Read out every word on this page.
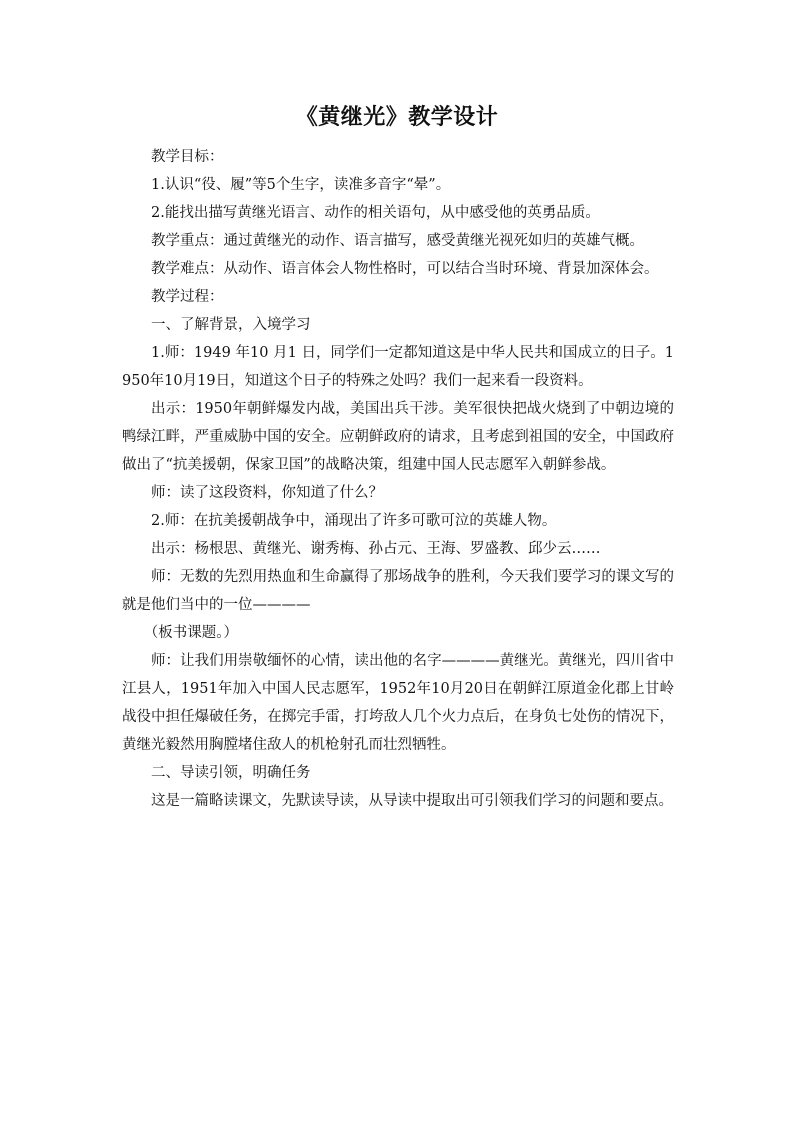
《黄继光》教学设计

教学目标：

1.认识“役、履”等5个生字，读准多音字“晕”。

2.能找出描写黄继光语言、动作的相关语句，从中感受他的英勇品质。

教学重点：通过黄继光的动作、语言描写，感受黄继光视死如归的英雄气概。

教学难点：从动作、语言体会人物性格时，可以结合当时环境、背景加深体会。

教学过程：

一、了解背景，入境学习

1.师：1949 年10 月1 日，同学们一定都知道这是中华人民共和国成立的日子。1950年10月19日，知道这个日子的特殊之处吗？我们一起来看一段资料。

出示：1950年朝鲜爆发内战，美国出兵干涉。美军很快把战火烧到了中朝边境的鸭绿江畔，严重威胁中国的安全。应朝鲜政府的请求，且考虑到祖国的安全，中国政府做出了“抗美援朝，保家卫国”的战略决策，组建中国人民志愿军入朝鲜参战。

师：读了这段资料，你知道了什么？

2.师：在抗美援朝战争中，涌现出了许多可歌可泣的英雄人物。

出示：杨根思、黄继光、谢秀梅、孙占元、王海、罗盛教、邱少云……

师：无数的先烈用热血和生命赢得了那场战争的胜利，今天我们要学习的课文写的就是他们当中的一位————

（板书课题。）

师：让我们用崇敬缅怀的心情，读出他的名字————黄继光。黄继光，四川省中江县人，1951年加入中国人民志愿军，1952年10月20日在朝鲜江原道金化郡上甘岭战役中担任爆破任务，在掷完手雷，打垮敌人几个火力点后，在身负七处伤的情况下，黄继光毅然用胸膛堵住敌人的机枪射孔而壮烈牺牲。

二、导读引领，明确任务

这是一篇略读课文，先默读导读，从导读中提取出可引领我们学习的问题和要点。
